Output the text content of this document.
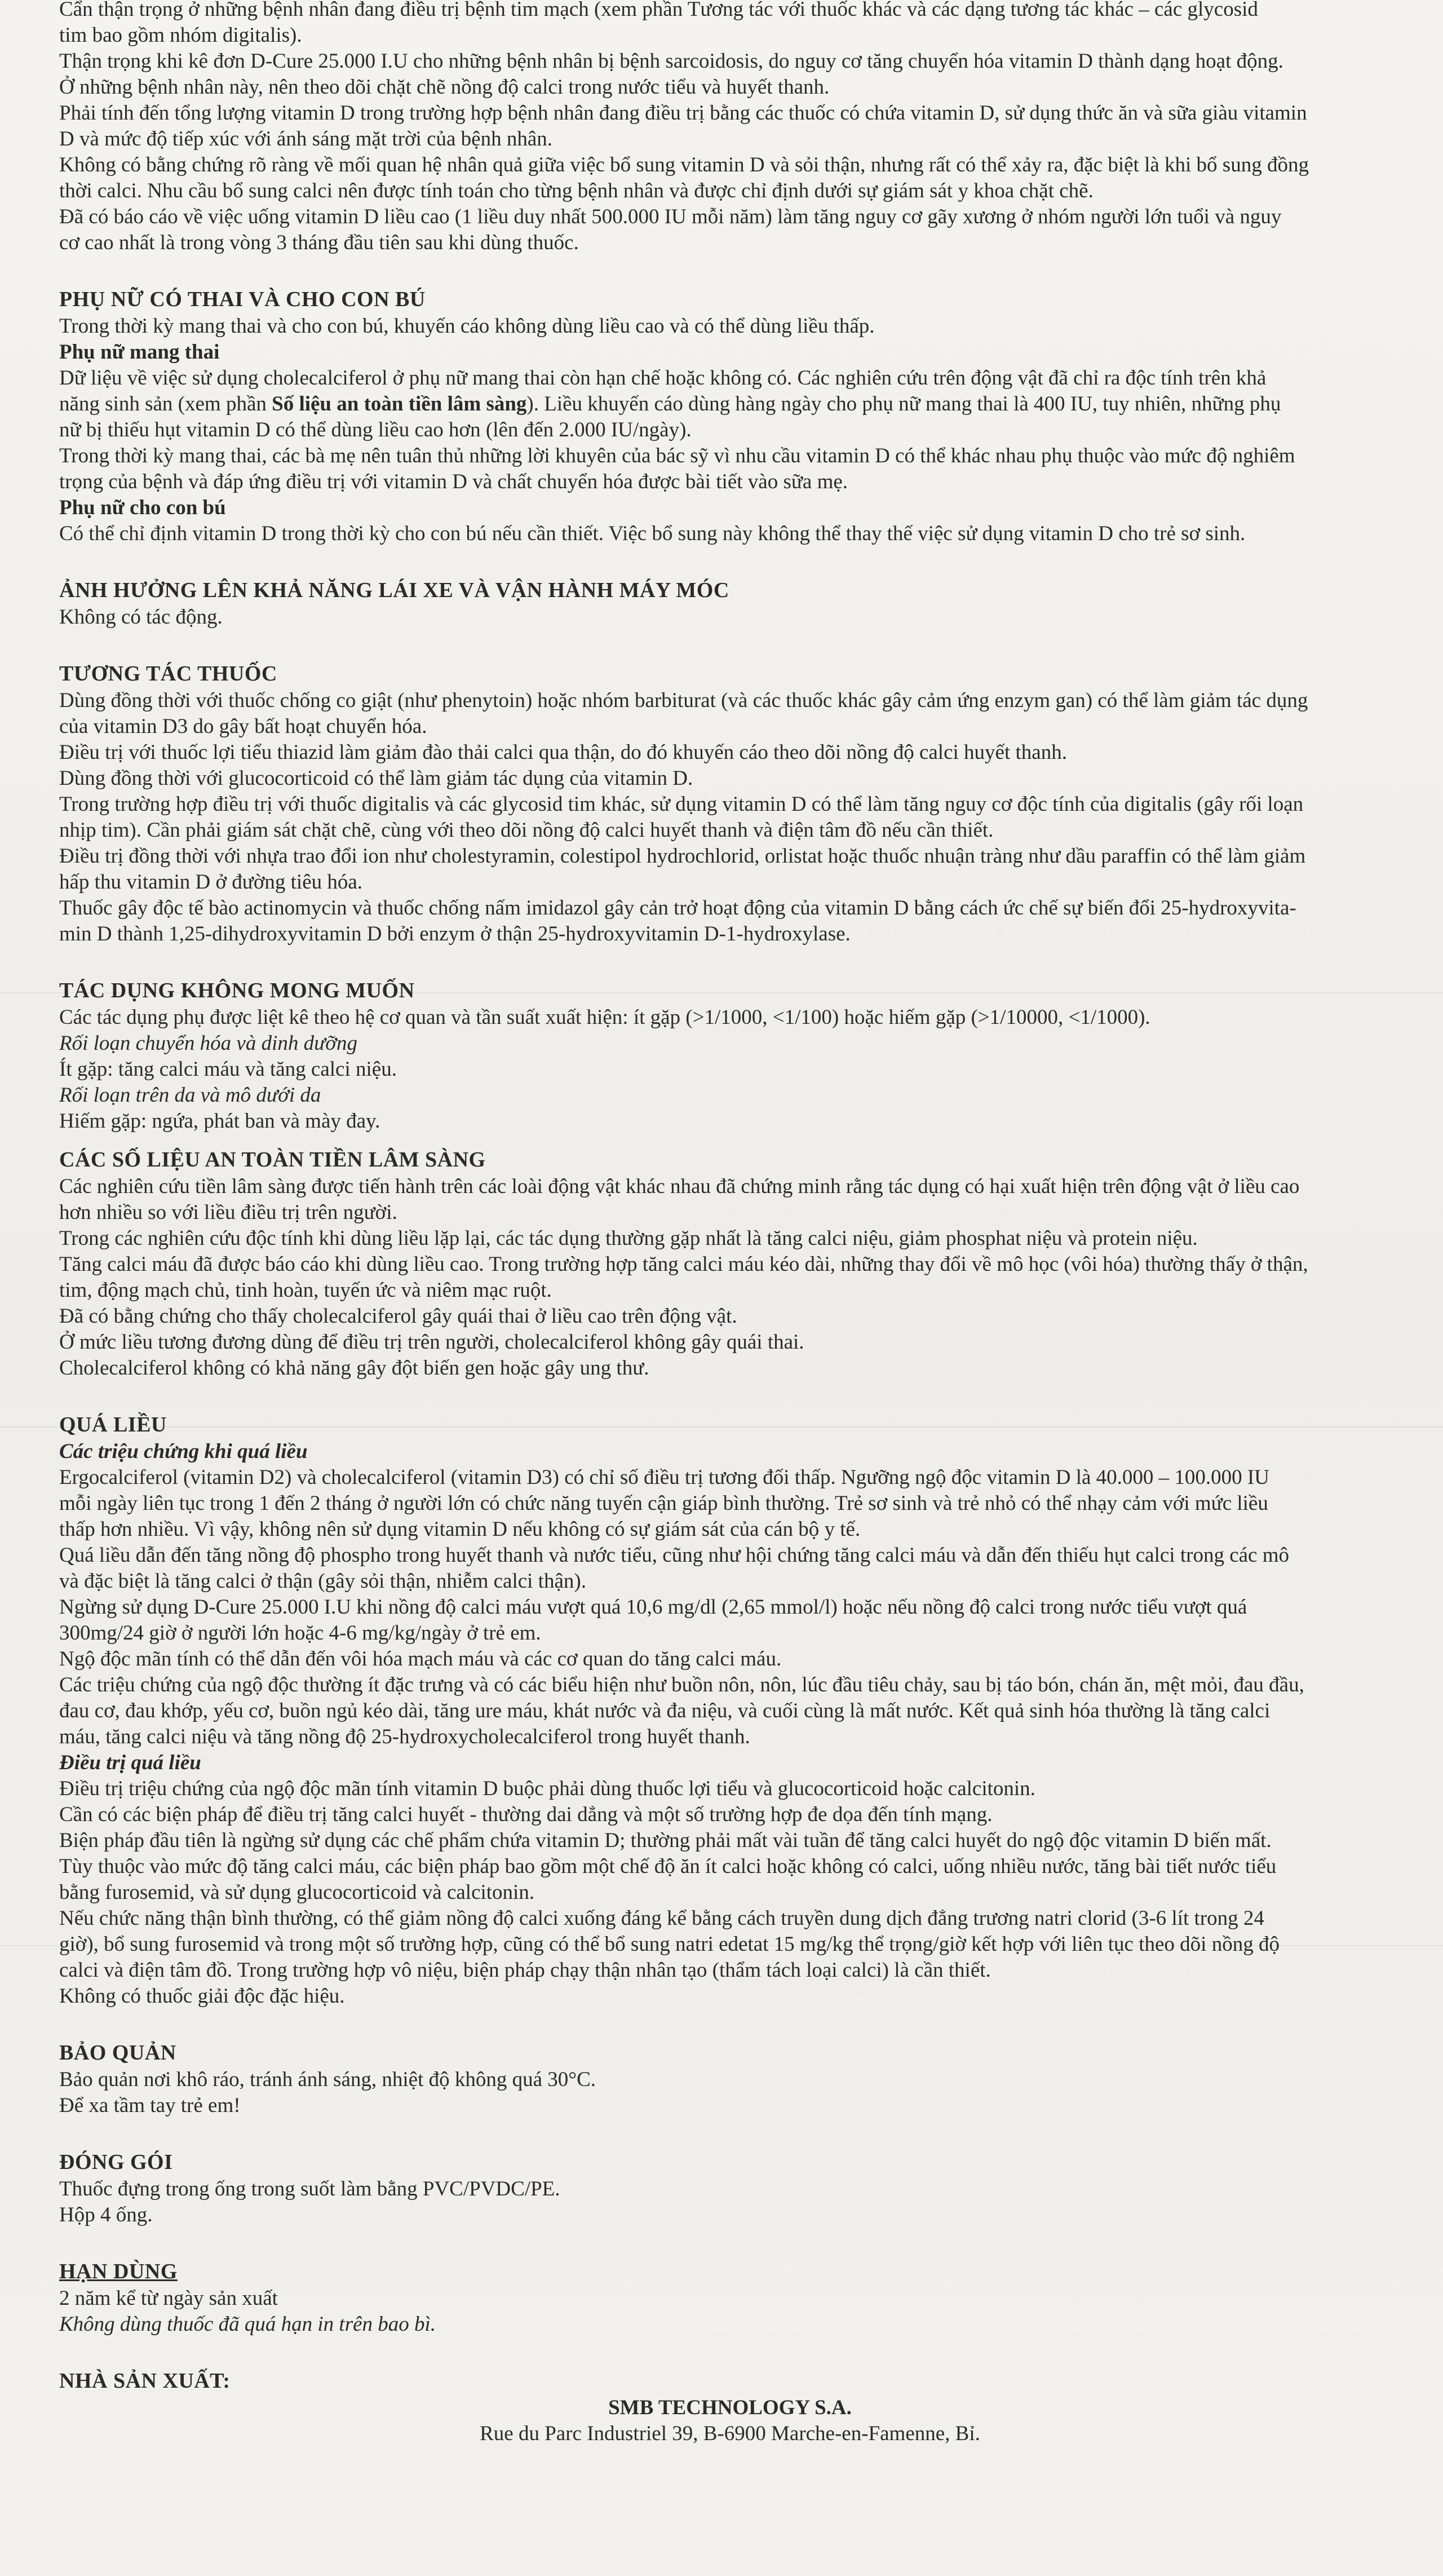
Cẩn thận trọng ở những bệnh nhân đang điều trị bệnh tim mạch (xem phần Tương tác với thuốc khác và các dạng tương tác khác – các glycosid

tim bao gồm nhóm digitalis).

Thận trọng khi kê đơn D-Cure 25.000 I.U cho những bệnh nhân bị bệnh sarcoidosis, do nguy cơ tăng chuyển hóa vitamin D thành dạng hoạt động.

Ở những bệnh nhân này, nên theo dõi chặt chẽ nồng độ calci trong nước tiểu và huyết thanh.

Phải tính đến tổng lượng vitamin D trong trường hợp bệnh nhân đang điều trị bằng các thuốc có chứa vitamin D, sử dụng thức ăn và sữa giàu vitamin

D và mức độ tiếp xúc với ánh sáng mặt trời của bệnh nhân.

Không có bằng chứng rõ ràng về mối quan hệ nhân quả giữa việc bổ sung vitamin D và sỏi thận, nhưng rất có thể xảy ra, đặc biệt là khi bổ sung đồng

thời calci. Nhu cầu bổ sung calci nên được tính toán cho từng bệnh nhân và được chỉ định dưới sự giám sát y khoa chặt chẽ.

Đã có báo cáo về việc uống vitamin D liều cao (1 liều duy nhất 500.000 IU mỗi năm) làm tăng nguy cơ gãy xương ở nhóm người lớn tuổi và nguy

cơ cao nhất là trong vòng 3 tháng đầu tiên sau khi dùng thuốc.

PHỤ NỮ CÓ THAI VÀ CHO CON BÚ

Trong thời kỳ mang thai và cho con bú, khuyến cáo không dùng liều cao và có thể dùng liều thấp.

Phụ nữ mang thai

Dữ liệu về việc sử dụng cholecalciferol ở phụ nữ mang thai còn hạn chế hoặc không có. Các nghiên cứu trên động vật đã chỉ ra độc tính trên khả

năng sinh sản (xem phần Số liệu an toàn tiền lâm sàng). Liều khuyến cáo dùng hàng ngày cho phụ nữ mang thai là 400 IU, tuy nhiên, những phụ

nữ bị thiếu hụt vitamin D có thể dùng liều cao hơn (lên đến 2.000 IU/ngày).

Trong thời kỳ mang thai, các bà mẹ nên tuân thủ những lời khuyên của bác sỹ vì nhu cầu vitamin D có thể khác nhau phụ thuộc vào mức độ nghiêm

trọng của bệnh và đáp ứng điều trị với vitamin D và chất chuyển hóa được bài tiết vào sữa mẹ.

Phụ nữ cho con bú

Có thể chỉ định vitamin D trong thời kỳ cho con bú nếu cần thiết. Việc bổ sung này không thể thay thế việc sử dụng vitamin D cho trẻ sơ sinh.

ẢNH HƯỞNG LÊN KHẢ NĂNG LÁI XE VÀ VẬN HÀNH MÁY MÓC

Không có tác động.

TƯƠNG TÁC THUỐC

Dùng đồng thời với thuốc chống co giật (như phenytoin) hoặc nhóm barbiturat (và các thuốc khác gây cảm ứng enzym gan) có thể làm giảm tác dụng

của vitamin D3 do gây bất hoạt chuyển hóa.

Điều trị với thuốc lợi tiểu thiazid làm giảm đào thải calci qua thận, do đó khuyến cáo theo dõi nồng độ calci huyết thanh.

Dùng đồng thời với glucocorticoid có thể làm giảm tác dụng của vitamin D.

Trong trường hợp điều trị với thuốc digitalis và các glycosid tim khác, sử dụng vitamin D có thể làm tăng nguy cơ độc tính của digitalis (gây rối loạn

nhịp tim). Cần phải giám sát chặt chẽ, cùng với theo dõi nồng độ calci huyết thanh và điện tâm đồ nếu cần thiết.

Điều trị đồng thời với nhựa trao đổi ion như cholestyramin, colestipol hydrochlorid, orlistat hoặc thuốc nhuận tràng như dầu paraffin có thể làm giảm

hấp thu vitamin D ở đường tiêu hóa.

Thuốc gây độc tế bào actinomycin và thuốc chống nấm imidazol gây cản trở hoạt động của vitamin D bằng cách ức chế sự biến đổi 25-hydroxyvita-

min D thành 1,25-dihydroxyvitamin D bởi enzym ở thận 25-hydroxyvitamin D-1-hydroxylase.

TÁC DỤNG KHÔNG MONG MUỐN

Các tác dụng phụ được liệt kê theo hệ cơ quan và tần suất xuất hiện: ít gặp (>1/1000, <1/100) hoặc hiếm gặp (>1/10000, <1/1000).

Rối loạn chuyển hóa và dinh dưỡng

Ít gặp: tăng calci máu và tăng calci niệu.

Rối loạn trên da và mô dưới da

Hiếm gặp: ngứa, phát ban và mày đay.

CÁC SỐ LIỆU AN TOÀN TIỀN LÂM SÀNG

Các nghiên cứu tiền lâm sàng được tiến hành trên các loài động vật khác nhau đã chứng minh rằng tác dụng có hại xuất hiện trên động vật ở liều cao

hơn nhiều so với liều điều trị trên người.

Trong các nghiên cứu độc tính khi dùng liều lặp lại, các tác dụng thường gặp nhất là tăng calci niệu, giảm phosphat niệu và protein niệu.

Tăng calci máu đã được báo cáo khi dùng liều cao. Trong trường hợp tăng calci máu kéo dài, những thay đổi về mô học (vôi hóa) thường thấy ở thận,

tim, động mạch chủ, tinh hoàn, tuyến ức và niêm mạc ruột.

Đã có bằng chứng cho thấy cholecalciferol gây quái thai ở liều cao trên động vật.

Ở mức liều tương đương dùng để điều trị trên người, cholecalciferol không gây quái thai.

Cholecalciferol không có khả năng gây đột biến gen hoặc gây ung thư.

QUÁ LIỀU

Các triệu chứng khi quá liều

Ergocalciferol (vitamin D2) và cholecalciferol (vitamin D3) có chỉ số điều trị tương đối thấp. Ngưỡng ngộ độc vitamin D là 40.000 – 100.000 IU

mỗi ngày liên tục trong 1 đến 2 tháng ở người lớn có chức năng tuyến cận giáp bình thường. Trẻ sơ sinh và trẻ nhỏ có thể nhạy cảm với mức liều

thấp hơn nhiều. Vì vậy, không nên sử dụng vitamin D nếu không có sự giám sát của cán bộ y tế.

Quá liều dẫn đến tăng nồng độ phospho trong huyết thanh và nước tiểu, cũng như hội chứng tăng calci máu và dẫn đến thiếu hụt calci trong các mô

và đặc biệt là tăng calci ở thận (gây sỏi thận, nhiễm calci thận).

Ngừng sử dụng D-Cure 25.000 I.U khi nồng độ calci máu vượt quá 10,6 mg/dl (2,65 mmol/l) hoặc nếu nồng độ calci trong nước tiểu vượt quá

300mg/24 giờ ở người lớn hoặc 4-6 mg/kg/ngày ở trẻ em.

Ngộ độc mãn tính có thể dẫn đến vôi hóa mạch máu và các cơ quan do tăng calci máu.

Các triệu chứng của ngộ độc thường ít đặc trưng và có các biểu hiện như buồn nôn, nôn, lúc đầu tiêu chảy, sau bị táo bón, chán ăn, mệt mỏi, đau đầu,

đau cơ, đau khớp, yếu cơ, buồn ngủ kéo dài, tăng ure máu, khát nước và đa niệu, và cuối cùng là mất nước. Kết quả sinh hóa thường là tăng calci

máu, tăng calci niệu và tăng nồng độ 25-hydroxycholecalciferol trong huyết thanh.

Điều trị quá liều

Điều trị triệu chứng của ngộ độc mãn tính vitamin D buộc phải dùng thuốc lợi tiểu và glucocorticoid hoặc calcitonin.

Cần có các biện pháp để điều trị tăng calci huyết - thường dai dẳng và một số trường hợp đe dọa đến tính mạng.

Biện pháp đầu tiên là ngừng sử dụng các chế phẩm chứa vitamin D; thường phải mất vài tuần để tăng calci huyết do ngộ độc vitamin D biến mất.

Tùy thuộc vào mức độ tăng calci máu, các biện pháp bao gồm một chế độ ăn ít calci hoặc không có calci, uống nhiều nước, tăng bài tiết nước tiểu

bằng furosemid, và sử dụng glucocorticoid và calcitonin.

Nếu chức năng thận bình thường, có thể giảm nồng độ calci xuống đáng kể bằng cách truyền dung dịch đẳng trương natri clorid (3-6 lít trong 24

giờ), bổ sung furosemid và trong một số trường hợp, cũng có thể bổ sung natri edetat 15 mg/kg thể trọng/giờ kết hợp với liên tục theo dõi nồng độ

calci và điện tâm đồ. Trong trường hợp vô niệu, biện pháp chạy thận nhân tạo (thẩm tách loại calci) là cần thiết.

Không có thuốc giải độc đặc hiệu.

BẢO QUẢN

Bảo quản nơi khô ráo, tránh ánh sáng, nhiệt độ không quá 30°C.

Để xa tầm tay trẻ em!

ĐÓNG GÓI

Thuốc đựng trong ống trong suốt làm bằng PVC/PVDC/PE.

Hộp 4 ống.

HẠN DÙNG

2 năm kể từ ngày sản xuất

Không dùng thuốc đã quá hạn in trên bao bì.

NHÀ SẢN XUẤT:

SMB TECHNOLOGY S.A.

Rue du Parc Industriel 39, B-6900 Marche-en-Famenne, Bỉ.
